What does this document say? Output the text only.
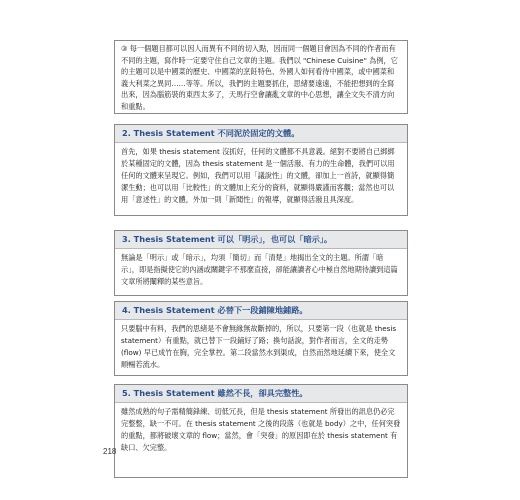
③ 每一個題目都可以因人而異有不同的切入點，因而同一個題目會因為不同的作者而有不同的主題，寫作時一定要守住自己文章的主題。我們以 "Chinese Cuisine" 為例，它的主題可以是中國菜的歷史、中國菜的烹飪特色、外國人如何看待中國菜，或中國菜和義大利菜之異同……等等。所以，我們的主題要抓住，思緒要遠遠，不能把想到的全寫出來，因為腦筋裝的東西太多了，天馬行空會讓亂文章的中心思想，讓全文失不清方向和重點。
2. Thesis Statement 不同泥於固定的文體。
首先，如果 thesis statement 沒抓好，任何的文體都不具意義。絕對不要將自己綁綁於某種固定的文體，因為 thesis statement 是一個活潑、有力的生命體，我們可以用任何的文體來呈現它。例如，我們可以用「議說性」的文體，卻加上一首詩，就顯得簡潔生動；也可以用「比較性」的文體加上充分的資料，就顯得嚴謹而客觀；當然也可以用「意述性」的文體，外加一則「新聞性」的報導，就顯得活潑且具深度。
3. Thesis Statement 可以「明示」，也可以「暗示」。
無論是「明示」或「暗示」，均須「簡切」而「清楚」地揭出全文的主題。所謂「暗示」，即是指擬使它的內涵或關鍵字不那麼直接，卻能讓讀者心中極自然地期待讀到這篇文章所將闡釋的某些意旨。
4. Thesis Statement 必替下一段鋪陳地鋪路。
只要腦中有料，我們的思緒是不會無緣無故斷掉的，所以，只要第一段（也就是 thesis statement）有重點，就已替下一段鋪好了路；換句話說，對作者而言，全文的走勢 (flow) 早已成竹在胸，完全掌控。第二段當然水到渠成，自然而然地延續下來，使全文順暢若流水。
5. Thesis Statement 雖然不長，卻具完整性。
雖然成熟的句子需精簡鋒練、切低冗長，但是 thesis statement 所發出的訊息仍必完完整整，缺一不可。在 thesis statement 之後的段落（也就是 body）之中，任何突發的重點，都將破壞文章的 flow；當然，會「突發」的原因即在於 thesis statement 有缺口、欠完整。
218
